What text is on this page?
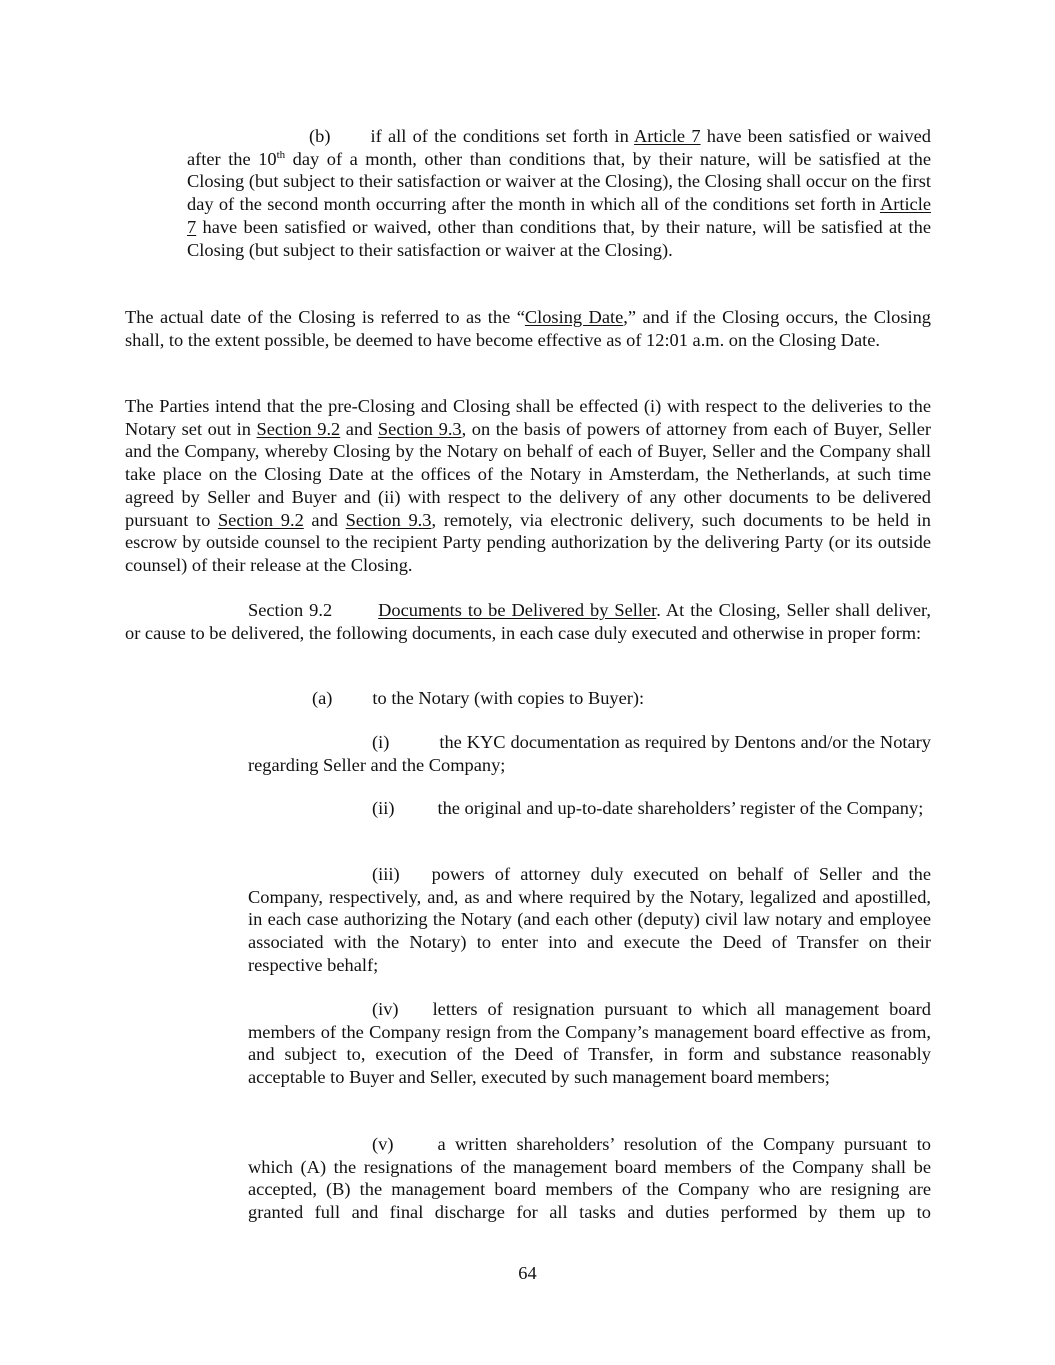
(b) if all of the conditions set forth in Article 7 have been satisfied or waived after the 10th day of a month, other than conditions that, by their nature, will be satisfied at the Closing (but subject to their satisfaction or waiver at the Closing), the Closing shall occur on the first day of the second month occurring after the month in which all of the conditions set forth in Article 7 have been satisfied or waived, other than conditions that, by their nature, will be satisfied at the Closing (but subject to their satisfaction or waiver at the Closing).

The actual date of the Closing is referred to as the “Closing Date,” and if the Closing occurs, the Closing shall, to the extent possible, be deemed to have become effective as of 12:01 a.m. on the Closing Date.

The Parties intend that the pre-Closing and Closing shall be effected (i) with respect to the deliveries to the Notary set out in Section 9.2 and Section 9.3, on the basis of powers of attorney from each of Buyer, Seller and the Company, whereby Closing by the Notary on behalf of each of Buyer, Seller and the Company shall take place on the Closing Date at the offices of the Notary in Amsterdam, the Netherlands, at such time agreed by Seller and Buyer and (ii) with respect to the delivery of any other documents to be delivered pursuant to Section 9.2 and Section 9.3, remotely, via electronic delivery, such documents to be held in escrow by outside counsel to the recipient Party pending authorization by the delivering Party (or its outside counsel) of their release at the Closing.

Section 9.2	Documents to be Delivered by Seller. At the Closing, Seller shall deliver, or cause to be delivered, the following documents, in each case duly executed and otherwise in proper form:

(a) to the Notary (with copies to Buyer):

(i)	the KYC documentation as required by Dentons and/or the Notary regarding Seller and the Company;

(ii) the original and up-to-date shareholders’ register of the Company;

(iii) powers of attorney duly executed on behalf of Seller and the Company, respectively, and, as and where required by the Notary, legalized and apostilled, in each case authorizing the Notary (and each other (deputy) civil law notary and employee associated with the Notary) to enter into and execute the Deed of Transfer on their respective behalf;

(iv) letters of resignation pursuant to which all management board members of the Company resign from the Company’s management board effective as from, and subject to, execution of the Deed of Transfer, in form and substance reasonably acceptable to Buyer and Seller, executed by such management board members;

(v) a written shareholders’ resolution of the Company pursuant to which (A) the resignations of the management board members of the Company shall be accepted, (B) the management board members of the Company who are resigning are granted full and final discharge for all tasks and duties performed by them up to

64
